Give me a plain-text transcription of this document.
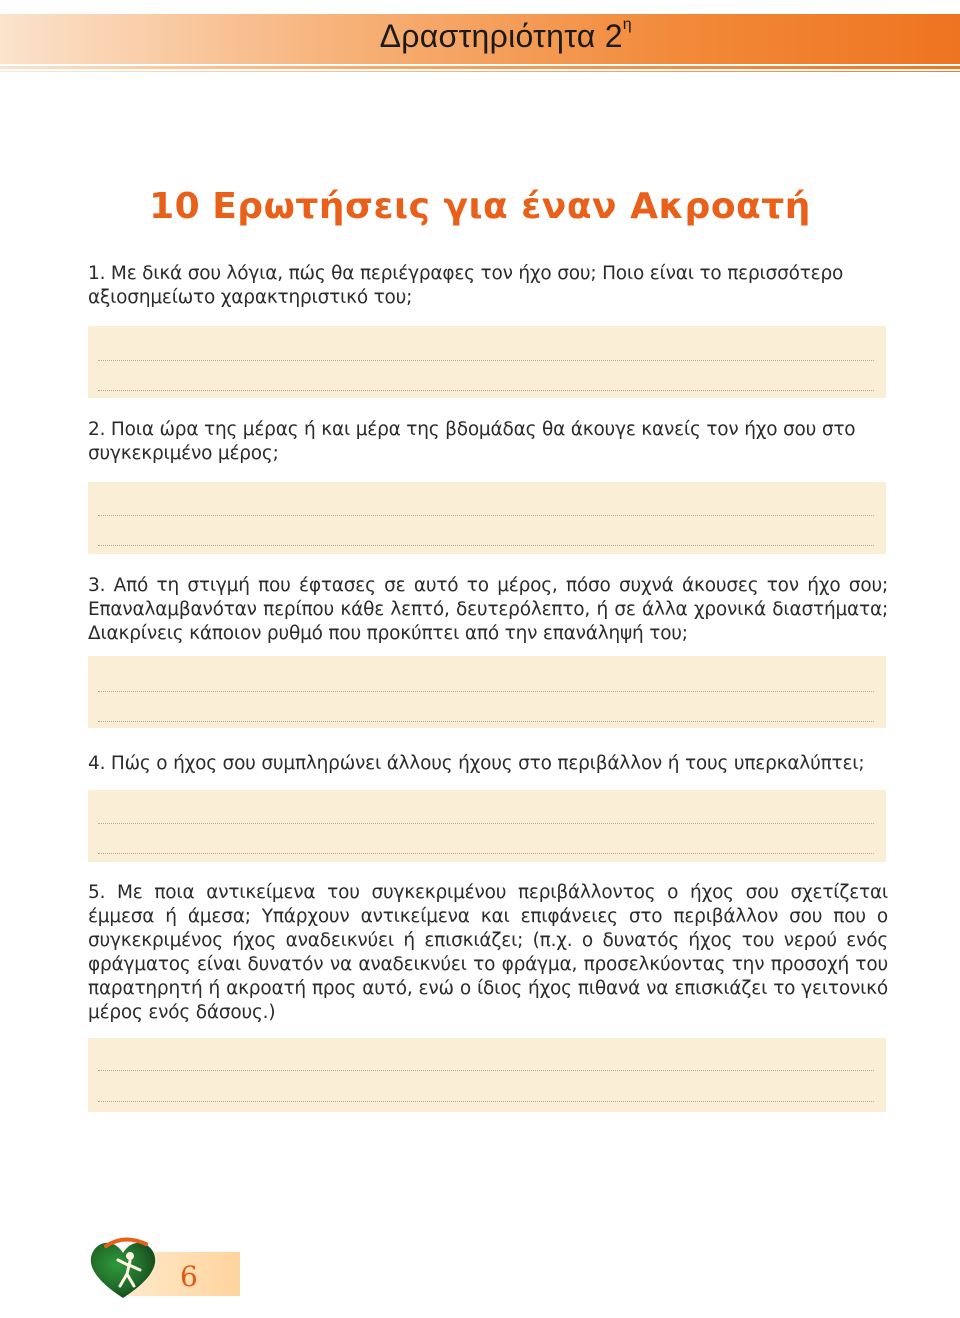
Δραστηριότητα $2^\eta$
10 Ερωτήσεις για έναν Ακροατή
1. Με δικά σου λόγια, πώς θα περιέγραφες τον ήχο σου; Ποιο είναι το περισσότερο αξιοσημείωτο χαρακτηριστικό του;
2. Ποια ώρα της μέρας ή και μέρα της βδομάδας θα άκουγε κανείς τον ήχο σου στο συγκεκριμένο μέρος;
3. Από τη στιγμή που έφτασες σε αυτό το μέρος, πόσο συχνά άκουσες τον ήχο σου; Επαναλαμβανόταν περίπου κάθε λεπτό, δευτερόλεπτο, ή σε άλλα χρονικά διαστήματα; Διακρίνεις κάποιον ρυθμό που προκύπτει από την επανάληψή του;
4. Πώς ο ήχος σου συμπληρώνει άλλους ήχους στο περιβάλλον ή τους υπερκαλύπτει;
5. Με ποια αντικείμενα του συγκεκριμένου περιβάλλοντος ο ήχος σου σχετίζεται έμμεσα ή άμεσα; Υπάρχουν αντικείμενα και επιφάνειες στο περιβάλλον σου που ο συγκεκριμένος ήχος αναδεικνύει ή επισκιάζει; (π.χ. ο δυνατός ήχος του νερού ενός φράγματος είναι δυνατόν να αναδεικνύει το φράγμα, προσελκύοντας την προσοχή του παρατηρητή ή ακροατή προς αυτό, ενώ ο ίδιος ήχος πιθανά να επισκιάζει το γειτονικό μέρος ενός δάσους.)
6
